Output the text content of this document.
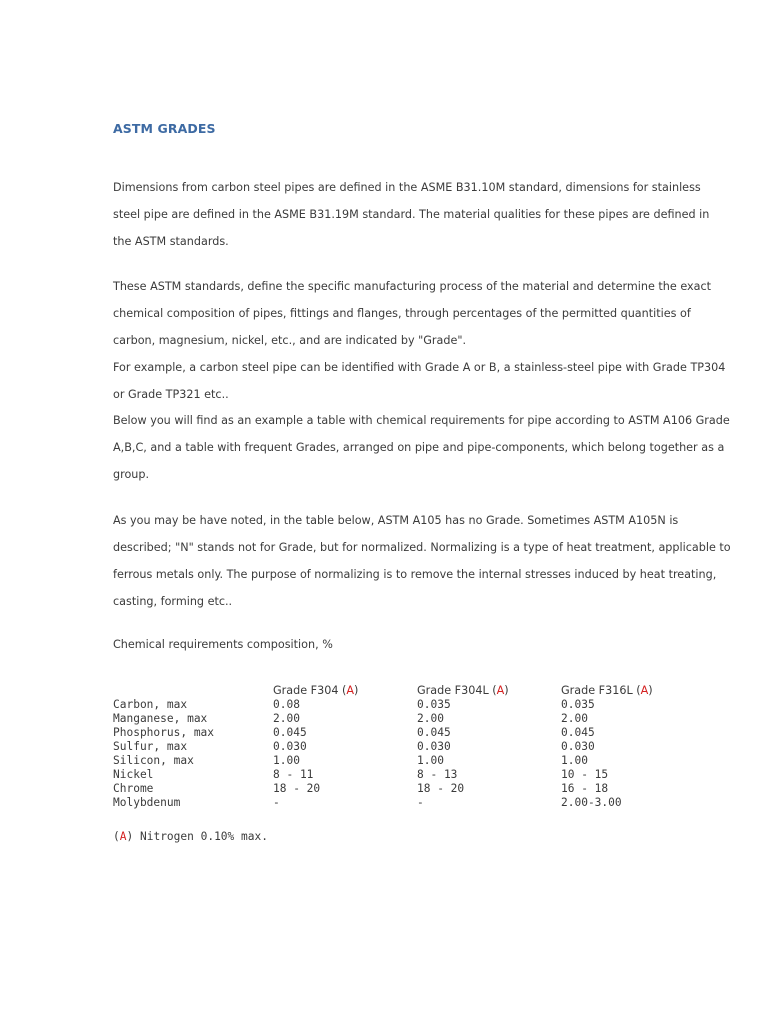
ASTM GRADES

Dimensions from carbon steel pipes are defined in the ASME B31.10M standard, dimensions for stainless steel pipe are defined in the ASME B31.19M standard. The material qualities for these pipes are defined in the ASTM standards.

These ASTM standards, define the specific manufacturing process of the material and determine the exact chemical composition of pipes, fittings and flanges, through percentages of the permitted quantities of carbon, magnesium, nickel, etc., and are indicated by "Grade".

For example, a carbon steel pipe can be identified with Grade A or B, a stainless-steel pipe with Grade TP304 or Grade TP321 etc..

Below you will find as an example a table with chemical requirements for pipe according to ASTM A106 Grade A,B,C, and a table with frequent Grades, arranged on pipe and pipe-components, which belong together as a group.

As you may be have noted, in the table below, ASTM A105 has no Grade. Sometimes ASTM A105N is described; "N" stands not for Grade, but for normalized. Normalizing is a type of heat treatment, applicable to ferrous metals only. The purpose of normalizing is to remove the internal stresses induced by heat treating, casting, forming etc..

Chemical requirements composition, %

	Grade F304 (A)	Grade F304L (A)	Grade F316L (A)
Carbon, max	0.08	0.035	0.035
Manganese, max	2.00	2.00	2.00
Phosphorus, max	0.045	0.045	0.045
Sulfur, max	0.030	0.030	0.030
Silicon, max	1.00	1.00	1.00
Nickel	8 - 11	8 - 13	10 - 15
Chrome	18 - 20	18 - 20	16 - 18
Molybdenum	-	-	2.00-3.00

(A) Nitrogen 0.10% max.
